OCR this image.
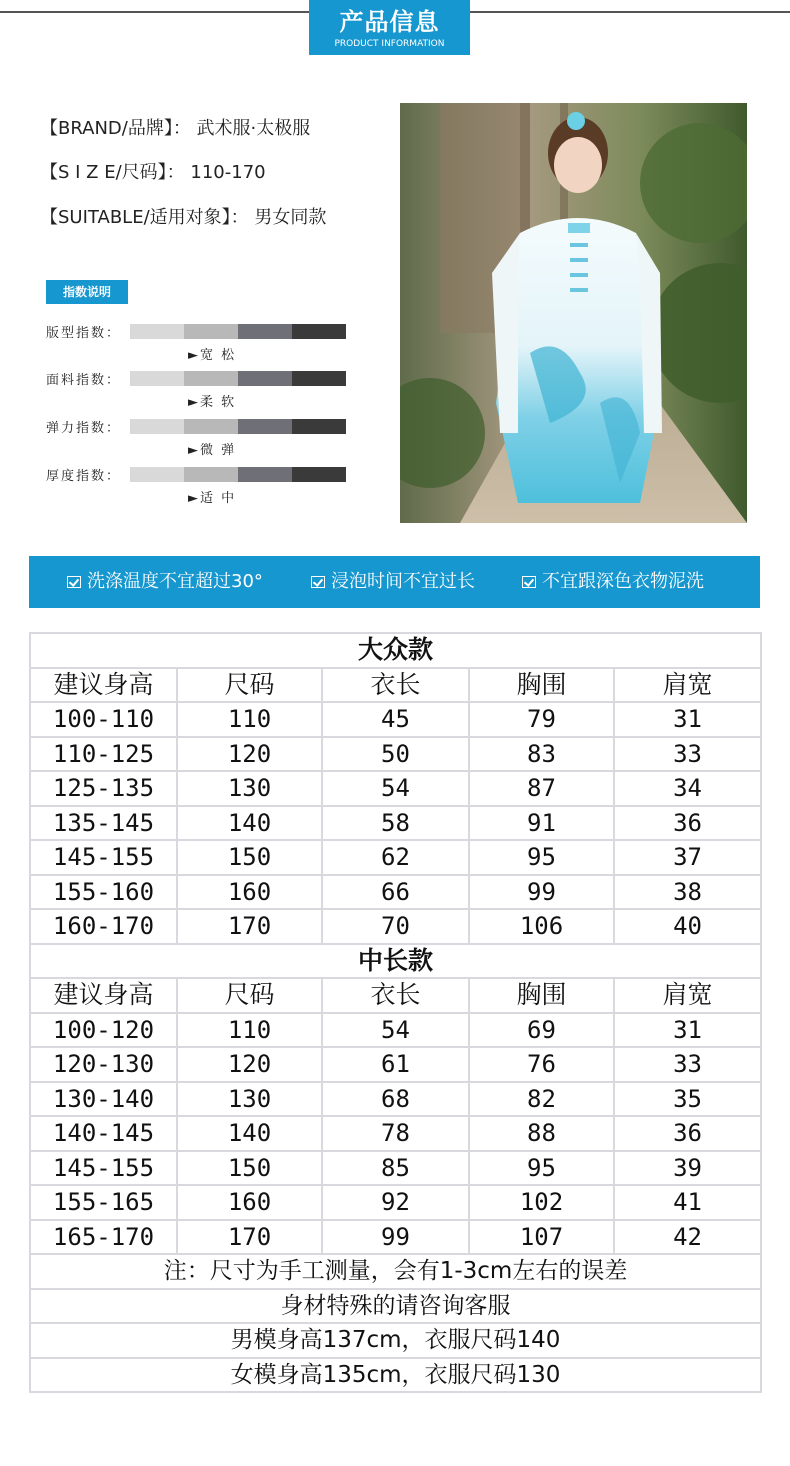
产品信息
PRODUCT INFORMATION
【BRAND/品牌】： 武术服·太极服
【S I Z E/尺码】： 110-170
【SUITABLE/适用对象】： 男女同款
指数说明
版型指数：
►宽 松
面料指数：
►柔 软
弹力指数：
►微 弹
厚度指数：
►适 中
洗涤温度不宜超过30°	浸泡时间不宜过长	不宜跟深色衣物泥洗
大众款				
建议身高	尺码	衣长	胸围	肩宽
100-110	110	45	79	31
110-125	120	50	83	33
125-135	130	54	87	34
135-145	140	58	91	36
145-155	150	62	95	37
155-160	160	66	99	38
160-170	170	70	106	40
中长款				
建议身高	尺码	衣长	胸围	肩宽
100-120	110	54	69	31
120-130	120	61	76	33
130-140	130	68	82	35
140-145	140	78	88	36
145-155	150	85	95	39
155-165	160	92	102	41
165-170	170	99	107	42
注：尺寸为手工测量，会有1-3cm左右的误差				
身材特殊的请咨询客服				
男模身高137cm，衣服尺码140				
女模身高135cm，衣服尺码130				
